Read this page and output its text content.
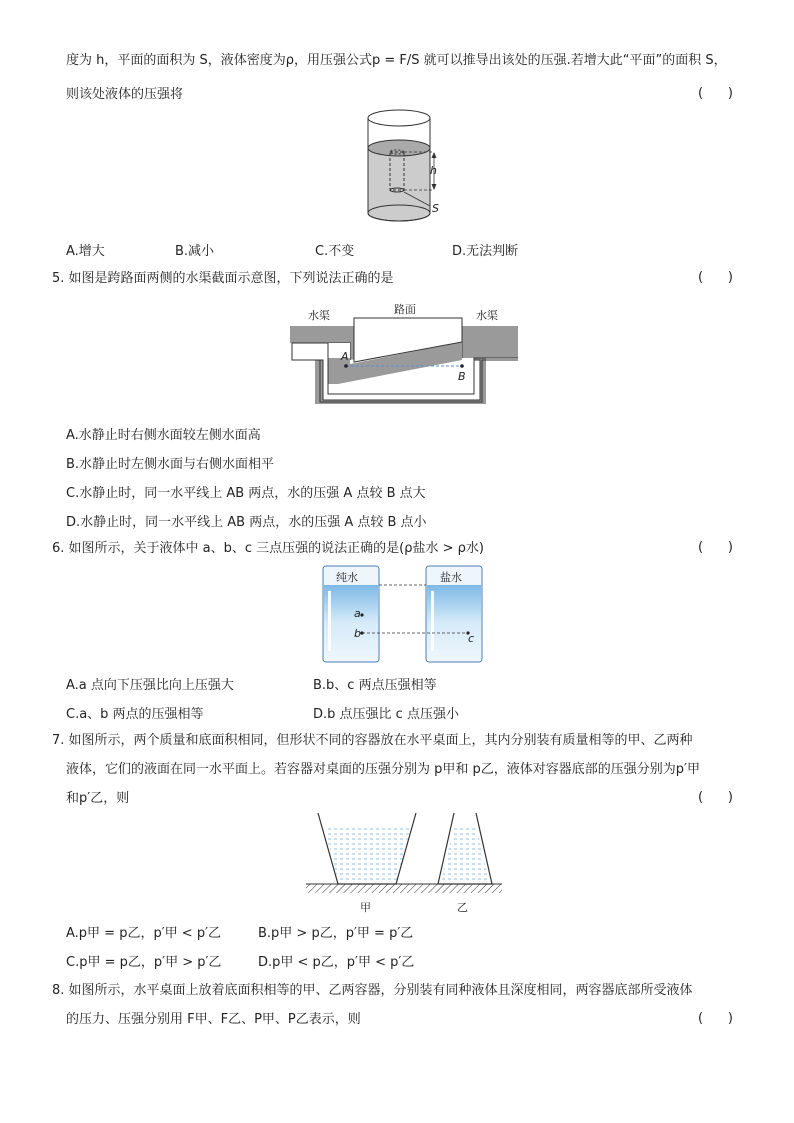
度为 h，平面的面积为 S，液体密度为ρ，用压强公式p = F/S 就可以推导出该处的压强.若增大此“平面”的面积 S，
则该处液体的压强将	(      )
h
S
A.增大	B.减小	C.不变	D.无法判断
5. 如图是跨路面两侧的水渠截面示意图，下列说法正确的是	(      )
A
B
路面
水渠	水渠
A.水静止时右侧水面较左侧水面高
B.水静止时左侧水面与右侧水面相平
C.水静止时，同一水平线上 AB 两点，水的压强 A 点较 B 点大
D.水静止时，同一水平线上 AB 两点，水的压强 A 点较 B 点小
6. 如图所示，关于液体中 a、b、c 三点压强的说法正确的是(ρ盐水 > ρ水)	(      )
纯水	盐水
a
b	c
A.a 点向下压强比向上压强大	B.b、c 两点压强相等
C.a、b 两点的压强相等	D.b 点压强比 c 点压强小
7. 如图所示，两个质量和底面积相同，但形状不同的容器放在水平桌面上，其内分别装有质量相等的甲、乙两种
液体，它们的液面在同一水平面上。若容器对桌面的压强分别为 p甲和 p乙，液体对容器底部的压强分别为p′甲
和p′乙，则	(      )
甲	乙
A.p甲 = p乙，p′甲 < p′乙	B.p甲 > p乙，p′甲 = p′乙
C.p甲 = p乙，p′甲 > p′乙	D.p甲 < p乙，p′甲 < p′乙
8. 如图所示，水平桌面上放着底面积相等的甲、乙两容器，分别装有同种液体且深度相同，两容器底部所受液体
的压力、压强分别用 F甲、F乙、P甲、P乙表示，则	(      )
